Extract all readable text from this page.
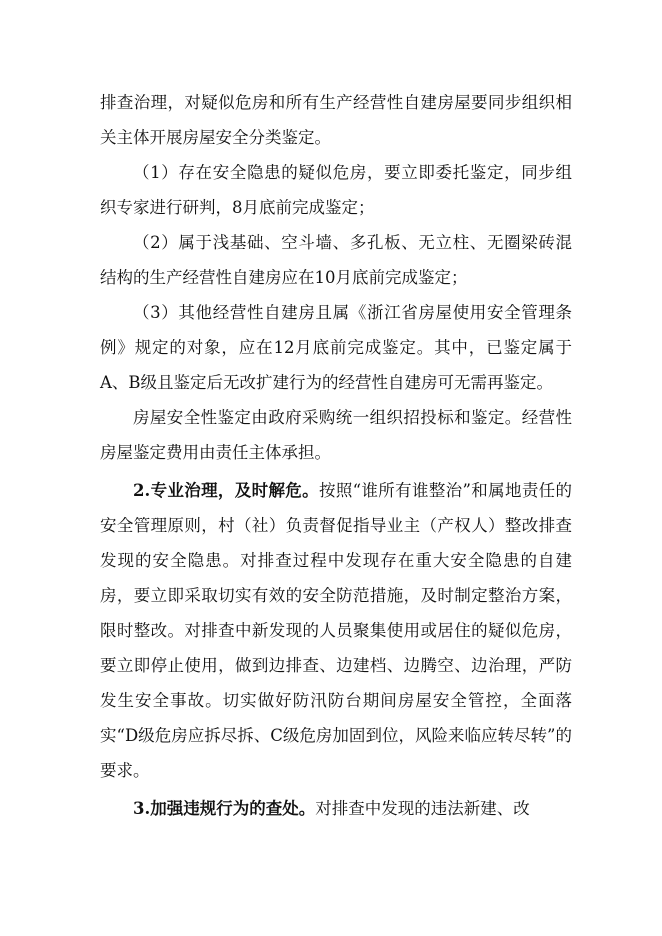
排查治理，对疑似危房和所有生产经营性自建房屋要同步组织相关主体开展房屋安全分类鉴定。

（1）存在安全隐患的疑似危房，要立即委托鉴定，同步组织专家进行研判，8月底前完成鉴定；

（2）属于浅基础、空斗墙、多孔板、无立柱、无圈梁砖混结构的生产经营性自建房应在10月底前完成鉴定；

（3）其他经营性自建房且属《浙江省房屋使用安全管理条例》规定的对象，应在12月底前完成鉴定。其中，已鉴定属于A、B级且鉴定后无改扩建行为的经营性自建房可无需再鉴定。

房屋安全性鉴定由政府采购统一组织招投标和鉴定。经营性房屋鉴定费用由责任主体承担。

2.专业治理，及时解危。按照“谁所有谁整治”和属地责任的安全管理原则，村（社）负责督促指导业主（产权人）整改排查发现的安全隐患。对排查过程中发现存在重大安全隐患的自建房，要立即采取切实有效的安全防范措施，及时制定整治方案，限时整改。对排查中新发现的人员聚集使用或居住的疑似危房，要立即停止使用，做到边排查、边建档、边腾空、边治理，严防发生安全事故。切实做好防汛防台期间房屋安全管控，全面落实“D级危房应拆尽拆、C级危房加固到位，风险来临应转尽转”的要求。

3.加强违规行为的查处。对排查中发现的违法新建、改
